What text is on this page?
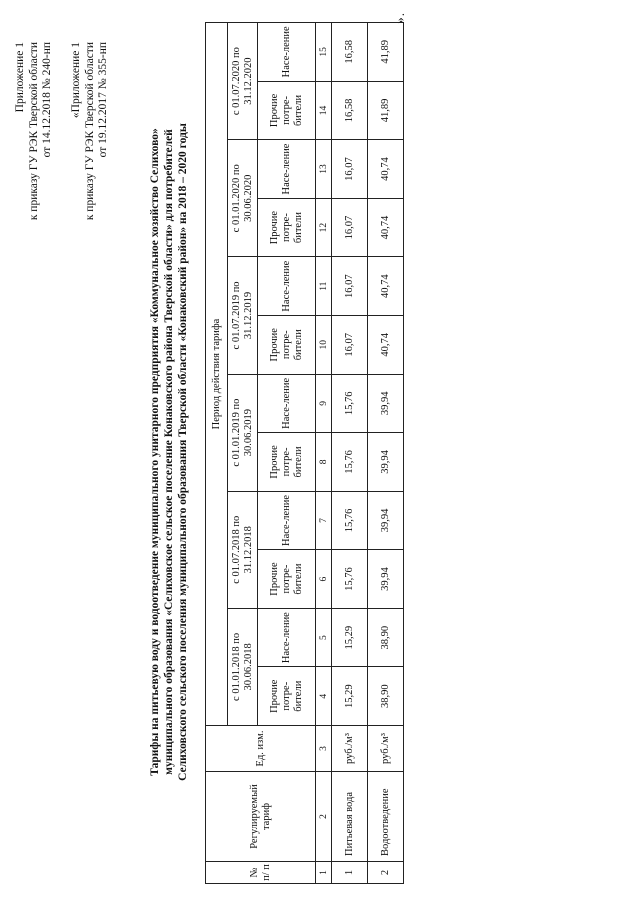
Приложение 1 к приказу ГУ РЭК Тверской области от 14.12.2018 № 240-нп «Приложение 1 к приказу ГУ РЭК Тверской области от 19.12.2017 № 355-нп
Тарифы на питьевую воду и водоотведение муниципального унитарного предприятия «Коммунальное хозяйство Селихово» муниципального образования «Селиховское сельское поселение Конаковского района Тверской области» для потребителей Селиховского сельского поселения муниципального образования Тверской области «Конаковский район» на 2018 – 2020 годы
№ п/ п	Регулируемый тариф	Ед. изм.	Период действия тарифа											
			с 01.01.2018 по 30.06.2018		с 01.07.2018 по 31.12.2018		с 01.01.2019 по 30.06.2019		с 01.07.2019 по 31.12.2019		с 01.01.2020 по 30.06.2020		с 01.07.2020 по 31.12.2020	
			Прочие потре-бители	Насе-ление	Прочие потре-бители	Насе-ление	Прочие потре-бители	Насе-ление	Прочие потре-бители	Насе-ление	Прочие потре-бители	Насе-ление	Прочие потре-бители	Насе-ление
1	2	3	4	5	6	7	8	9	10	11	12	13	14	15
1	Питьевая вода	руб./м³	15,29	15,29	15,76	15,76	15,76	15,76	16,07	16,07	16,07	16,07	16,58	16,58
2	Водоотведение	руб./м³	38,90	38,90	39,94	39,94	39,94	39,94	40,74	40,74	40,74	40,74	41,89	41,89
».
